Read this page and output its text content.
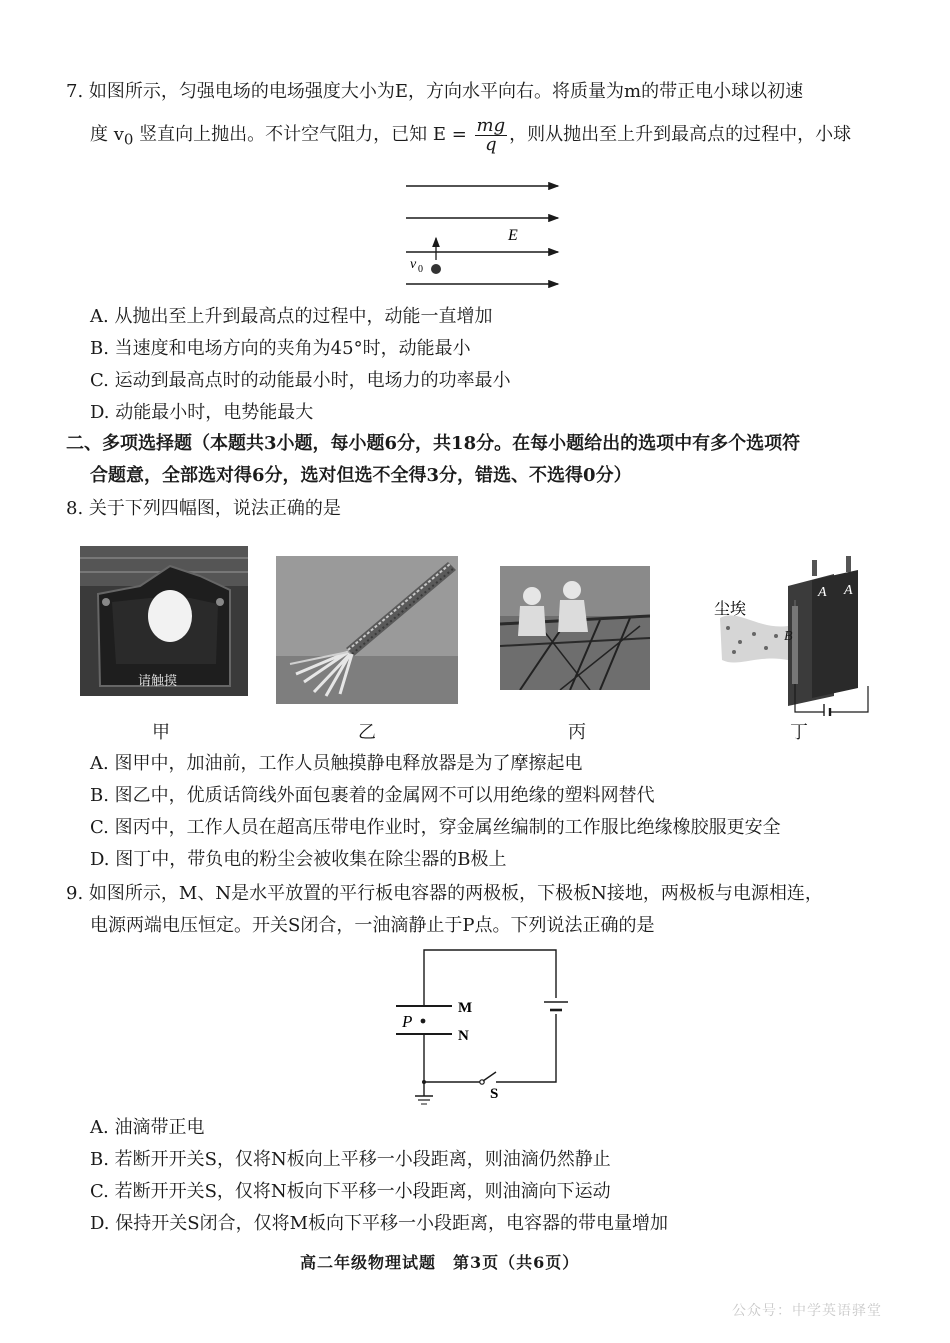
7. 如图所示，匀强电场的电场强度大小为E，方向水平向右。将质量为m的带正电小球以初速
度 $v_0$ 竖直向上抛出。不计空气阻力，已知 $E = \frac{mg}{q}$ ，则从抛出至上升到最高点的过程中，小球
E
v 0
A. 从抛出至上升到最高点的过程中，动能一直增加
B. 当速度和电场方向的夹角为45°时，动能最小
C. 运动到最高点时的动能最小时，电场力的功率最小
D. 动能最小时，电势能最大
二、多项选择题（本题共3小题，每小题6分，共18分。在每小题给出的选项中有多个选项符
合题意，全部选对得6分，选对但选不全得3分，错选、不选得0分）
8. 关于下列四幅图，说法正确的是
请触摸
尘埃
B
A A
甲	乙	丙	丁
A. 图甲中，加油前，工作人员触摸静电释放器是为了摩擦起电
B. 图乙中，优质话筒线外面包裹着的金属网不可以用绝缘的塑料网替代
C. 图丙中，工作人员在超高压带电作业时，穿金属丝编制的工作服比绝缘橡胶服更安全
D. 图丁中，带负电的粉尘会被收集在除尘器的B极上
9. 如图所示，M、N是水平放置的平行板电容器的两极板，下极板N接地，两极板与电源相连，
电源两端电压恒定。开关S闭合，一油滴静止于P点。下列说法正确的是
M
N
P
S
A. 油滴带正电
B. 若断开开关S，仅将N板向上平移一小段距离，则油滴仍然静止
C. 若断开开关S，仅将N板向下平移一小段距离，则油滴向下运动
D. 保持开关S闭合，仅将M板向下平移一小段距离，电容器的带电量增加
高二年级物理试题　第3页（共6页）
公众号：中学英语驿堂
